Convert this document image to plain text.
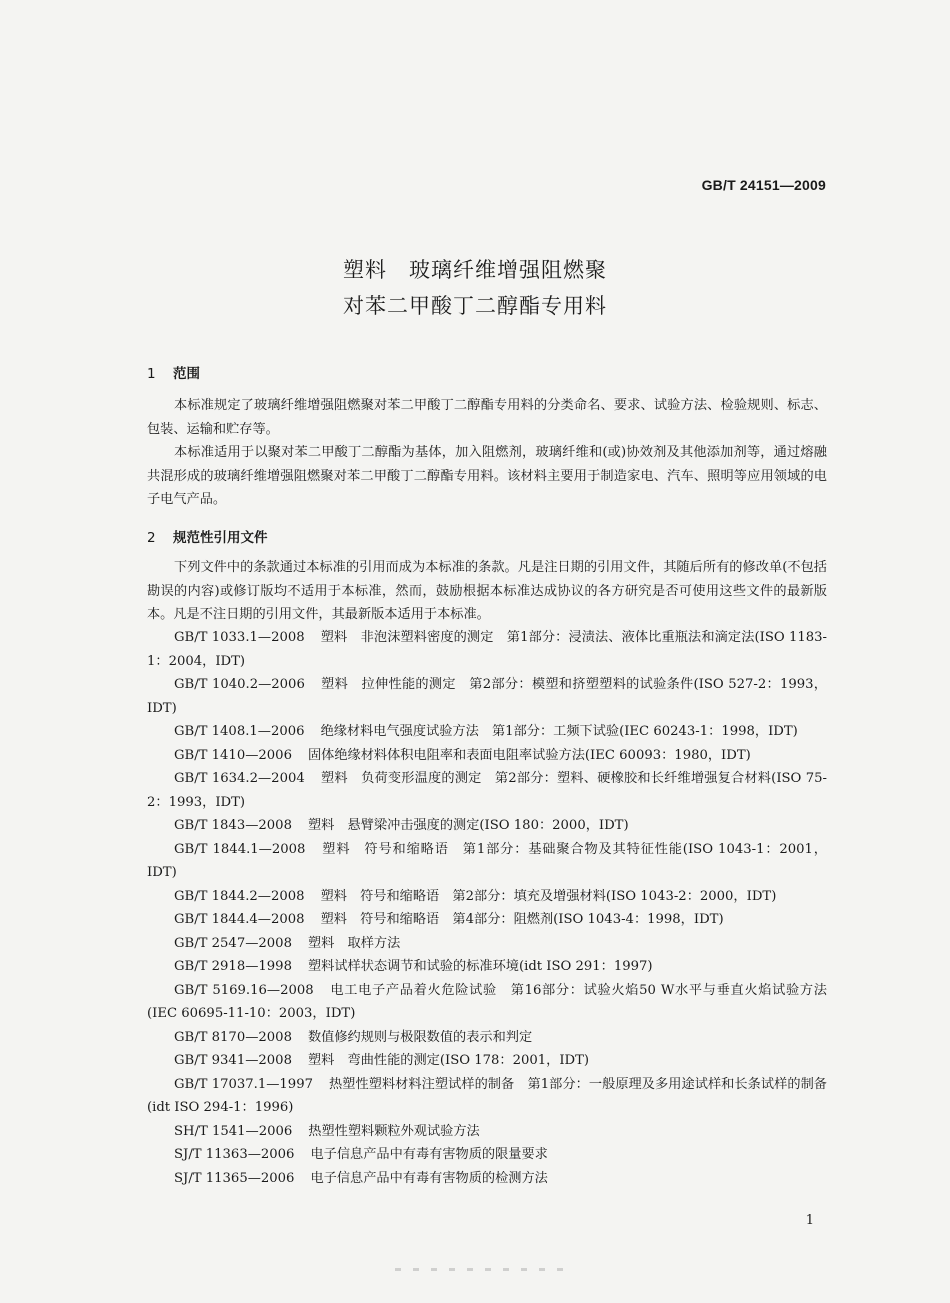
GB/T 24151—2009
塑料 玻璃纤维增强阻燃聚
对苯二甲酸丁二醇酯专用料
1 范围
本标准规定了玻璃纤维增强阻燃聚对苯二甲酸丁二醇酯专用料的分类命名、要求、试验方法、检验规则、标志、包装、运输和贮存等。
本标准适用于以聚对苯二甲酸丁二醇酯为基体，加入阻燃剂，玻璃纤维和(或)协效剂及其他添加剂等，通过熔融共混形成的玻璃纤维增强阻燃聚对苯二甲酸丁二醇酯专用料。该材料主要用于制造家电、汽车、照明等应用领域的电子电气产品。
2 规范性引用文件
下列文件中的条款通过本标准的引用而成为本标准的条款。凡是注日期的引用文件，其随后所有的修改单(不包括勘误的内容)或修订版均不适用于本标准，然而，鼓励根据本标准达成协议的各方研究是否可使用这些文件的最新版本。凡是不注日期的引用文件，其最新版本适用于本标准。
GB/T 1033.1—2008 塑料　非泡沫塑料密度的测定　第1部分：浸渍法、液体比重瓶法和滴定法(ISO 1183-1：2004，IDT)
GB/T 1040.2—2006 塑料　拉伸性能的测定　第2部分：模塑和挤塑塑料的试验条件(ISO 527-2：1993，IDT)
GB/T 1408.1—2006 绝缘材料电气强度试验方法　第1部分：工频下试验(IEC 60243-1：1998，IDT)
GB/T 1410—2006 固体绝缘材料体积电阻率和表面电阻率试验方法(IEC 60093：1980，IDT)
GB/T 1634.2—2004 塑料　负荷变形温度的测定　第2部分：塑料、硬橡胶和长纤维增强复合材料(ISO 75-2：1993，IDT)
GB/T 1843—2008 塑料　悬臂梁冲击强度的测定(ISO 180：2000，IDT)
GB/T 1844.1—2008 塑料　符号和缩略语　第1部分：基础聚合物及其特征性能(ISO 1043-1：2001，IDT)
GB/T 1844.2—2008 塑料　符号和缩略语　第2部分：填充及增强材料(ISO 1043-2：2000，IDT)
GB/T 1844.4—2008 塑料　符号和缩略语　第4部分：阻燃剂(ISO 1043-4：1998，IDT)
GB/T 2547—2008 塑料　取样方法
GB/T 2918—1998 塑料试样状态调节和试验的标准环境(idt ISO 291：1997)
GB/T 5169.16—2008 电工电子产品着火危险试验　第16部分：试验火焰50 W水平与垂直火焰试验方法(IEC 60695-11-10：2003，IDT)
GB/T 8170—2008 数值修约规则与极限数值的表示和判定
GB/T 9341—2008 塑料　弯曲性能的测定(ISO 178：2001，IDT)
GB/T 17037.1—1997 热塑性塑料材料注塑试样的制备　第1部分：一般原理及多用途试样和长条试样的制备(idt ISO 294-1：1996)
SH/T 1541—2006 热塑性塑料颗粒外观试验方法
SJ/T 11363—2006 电子信息产品中有毒有害物质的限量要求
SJ/T 11365—2006 电子信息产品中有毒有害物质的检测方法
1
